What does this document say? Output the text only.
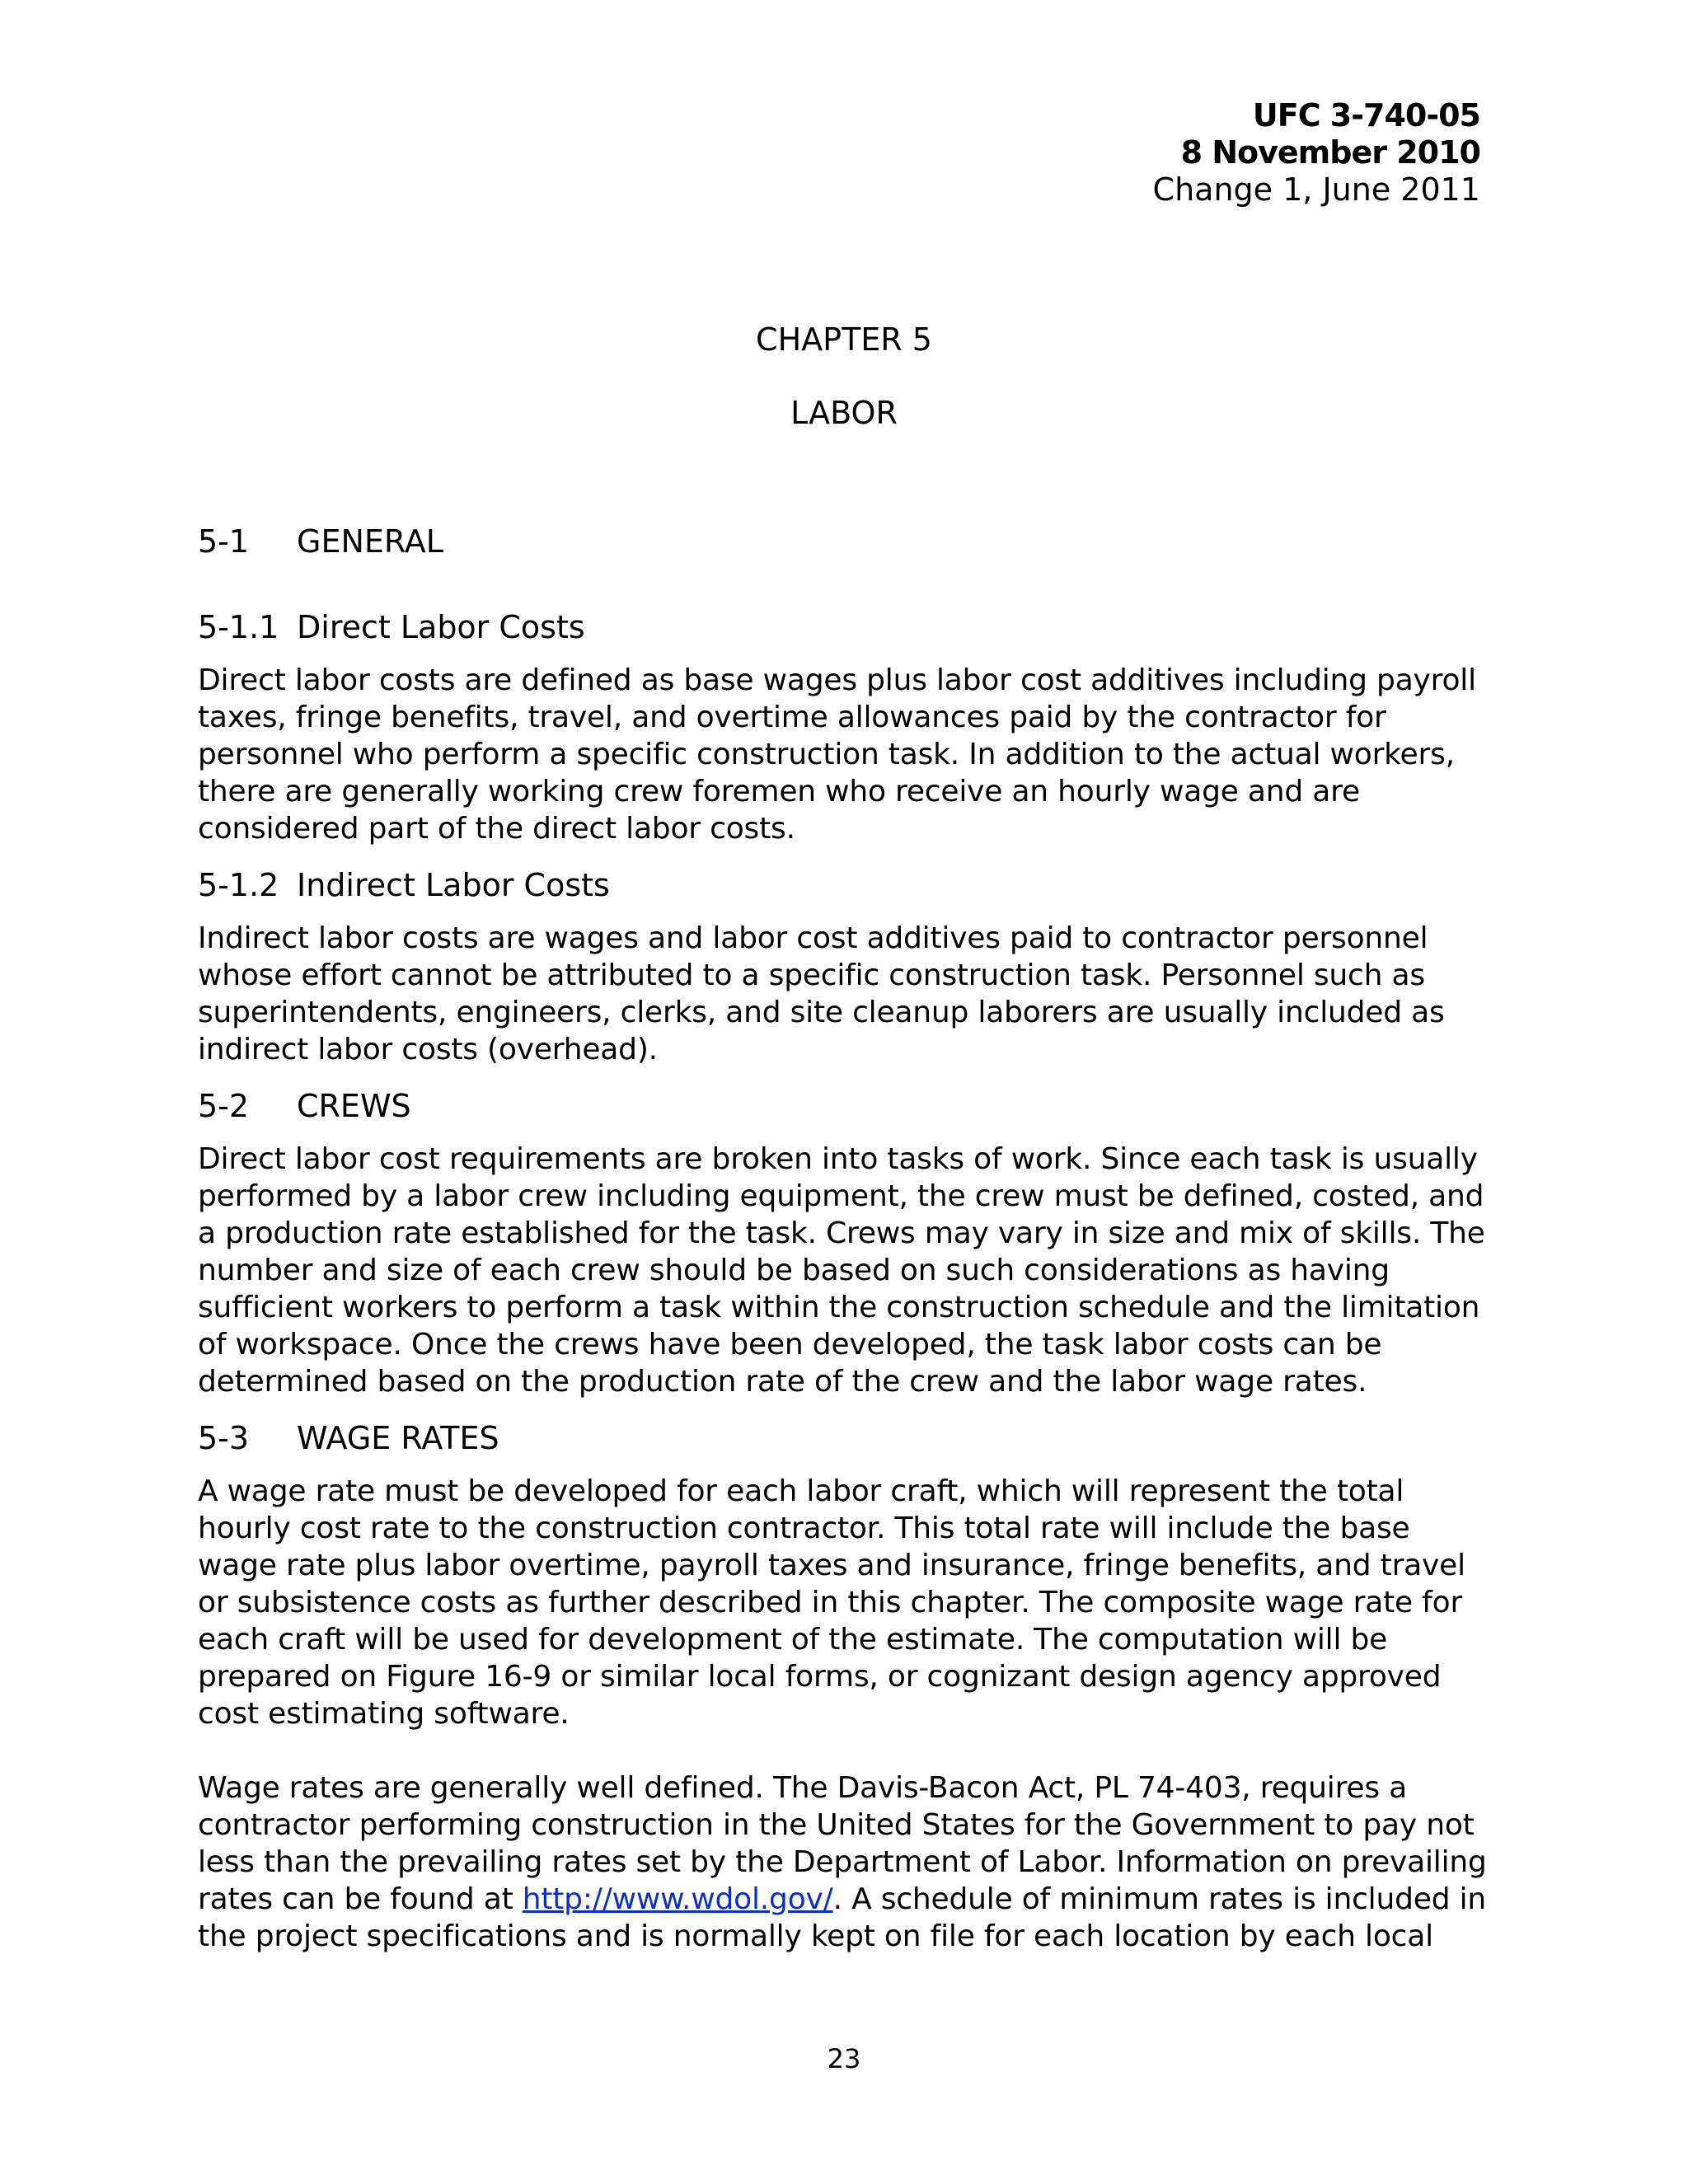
UFC 3-740-05
8 November 2010
Change 1, June 2011
CHAPTER 5
LABOR
5-1	GENERAL
5-1.1 Direct Labor Costs

Direct labor costs are defined as base wages plus labor cost additives including payroll taxes, fringe benefits, travel, and overtime allowances paid by the contractor for personnel who perform a specific construction task. In addition to the actual workers, there are generally working crew foremen who receive an hourly wage and are considered part of the direct labor costs.

5-1.2 Indirect Labor Costs

Indirect labor costs are wages and labor cost additives paid to contractor personnel whose effort cannot be attributed to a specific construction task. Personnel such as superintendents, engineers, clerks, and site cleanup laborers are usually included as indirect labor costs (overhead).

5-2	CREWS

Direct labor cost requirements are broken into tasks of work. Since each task is usually performed by a labor crew including equipment, the crew must be defined, costed, and a production rate established for the task. Crews may vary in size and mix of skills. The number and size of each crew should be based on such considerations as having sufficient workers to perform a task within the construction schedule and the limitation of workspace. Once the crews have been developed, the task labor costs can be determined based on the production rate of the crew and the labor wage rates.

5-3	WAGE RATES

A wage rate must be developed for each labor craft, which will represent the total hourly cost rate to the construction contractor. This total rate will include the base wage rate plus labor overtime, payroll taxes and insurance, fringe benefits, and travel or subsistence costs as further described in this chapter. The composite wage rate for each craft will be used for development of the estimate. The computation will be prepared on Figure 16-9 or similar local forms, or cognizant design agency approved cost estimating software.

Wage rates are generally well defined. The Davis-Bacon Act, PL 74-403, requires a contractor performing construction in the United States for the Government to pay not less than the prevailing rates set by the Department of Labor. Information on prevailing rates can be found at http://www.wdol.gov/. A schedule of minimum rates is included in the project specifications and is normally kept on file for each location by each local

23
